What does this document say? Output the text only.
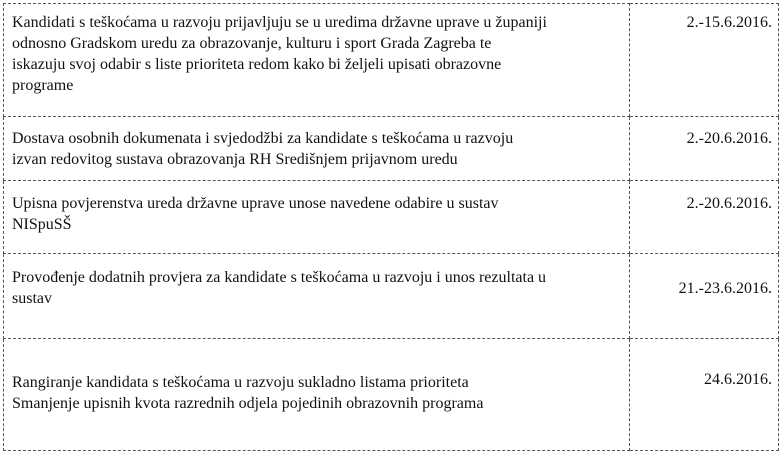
Kandidati s teškoćama u razvoju prijavljuju se u uredima državne uprave u županiji
odnosno Gradskom uredu za obrazovanje, kulturu i sport Grada Zagreba te
iskazuju svoj odabir s liste prioriteta redom kako bi željeli upisati obrazovne
programe	2.-15.6.2016.

Dostava osobnih dokumenata i svjedodžbi za kandidate s teškoćama u razvoju
izvan redovitog sustava obrazovanja RH Središnjem prijavnom uredu	2.-20.6.2016.

Upisna povjerenstva ureda državne uprave unose navedene odabire u sustav
NISpuSŠ	2.-20.6.2016.

Provođenje dodatnih provjera za kandidate s teškoćama u razvoju i unos rezultata u
sustav	21.-23.6.2016.

Rangiranje kandidata s teškoćama u razvoju sukladno listama prioriteta
Smanjenje upisnih kvota razrednih odjela pojedinih obrazovnih programa	24.6.2016.
